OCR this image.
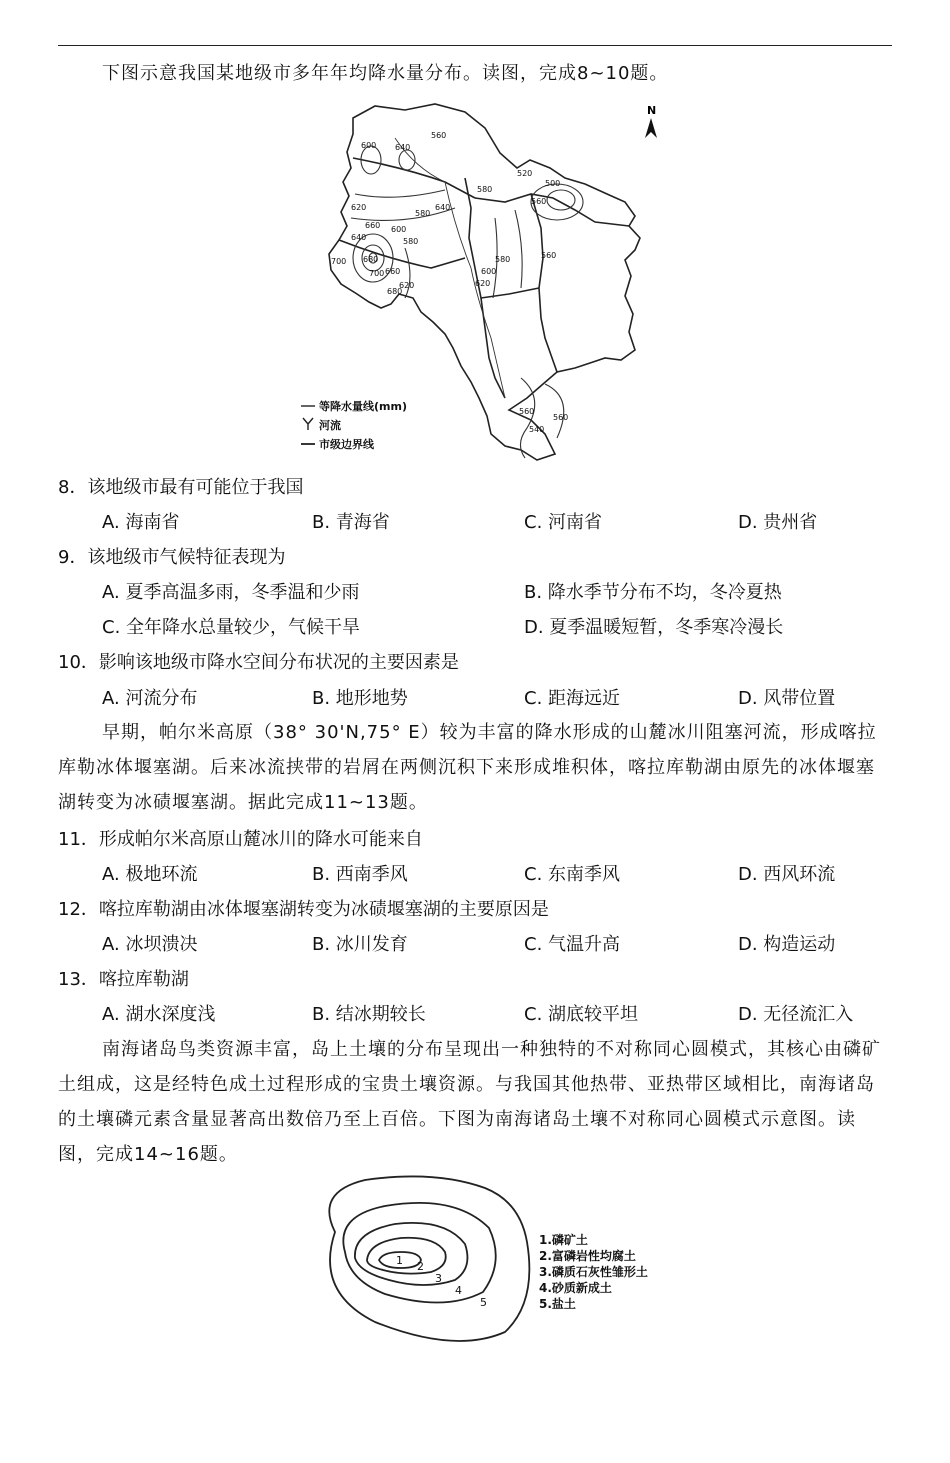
下图示意我国某地级市多年年均降水量分布。读图，完成8~10题。
560
600 640
620
660
520
500
560
640
580
580	560
600
620
580
580
600
620
660
640
700 680
700
680
560
540
560
N
等降水量线(mm)
河流
市级边界线
8．该地级市最有可能位于我国
A. 海南省	B. 青海省	C. 河南省	D. 贵州省
9．该地级市气候特征表现为
A. 夏季高温多雨，冬季温和少雨	B. 降水季节分布不均，冬冷夏热
C. 全年降水总量较少，气候干旱	D. 夏季温暖短暂，冬季寒冷漫长
10．影响该地级市降水空间分布状况的主要因素是
A. 河流分布	B. 地形地势	C. 距海远近	D. 风带位置
早期，帕尔米高原（38° 30'N,75° E）较为丰富的降水形成的山麓冰川阻塞河流，形成喀拉库勒冰体堰塞湖。后来冰流挟带的岩屑在两侧沉积下来形成堆积体，喀拉库勒湖由原先的冰体堰塞湖转变为冰碛堰塞湖。据此完成11~13题。
11．形成帕尔米高原山麓冰川的降水可能来自
A. 极地环流	B. 西南季风	C. 东南季风	D. 西风环流
12．喀拉库勒湖由冰体堰塞湖转变为冰碛堰塞湖的主要原因是
A. 冰坝溃决	B. 冰川发育	C. 气温升高	D. 构造运动
13．喀拉库勒湖
A. 湖水深度浅	B. 结冰期较长	C. 湖底较平坦	D. 无径流汇入
南海诸岛鸟类资源丰富，岛上土壤的分布呈现出一种独特的不对称同心圆模式，其核心由磷矿土组成，这是经特色成土过程形成的宝贵土壤资源。与我国其他热带、亚热带区域相比，南海诸岛的土壤磷元素含量显著高出数倍乃至上百倍。下图为南海诸岛土壤不对称同心圆模式示意图。读图，完成14~16题。
1 2
3
4
5
1.磷矿土
2.富磷岩性均腐土
3.磷质石灰性雏形土
4.砂质新成土
5.盐土
